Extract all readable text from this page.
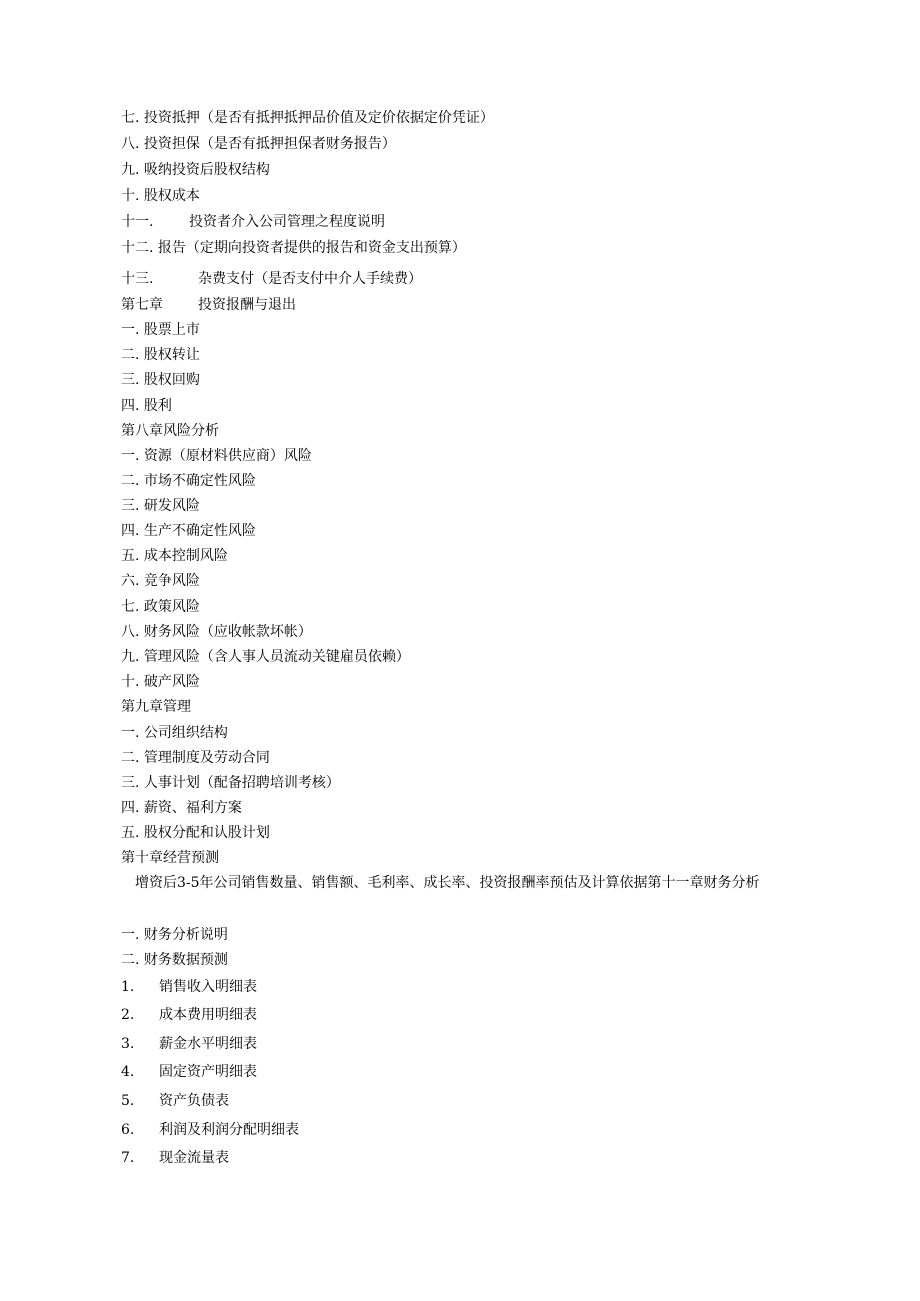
七. 投资抵押（是否有抵押抵押品价值及定价依据定价凭证）
八. 投资担保（是否有抵押担保者财务报告）
九. 吸纳投资后股权结构
十. 股权成本
十一.	投资者介入公司管理之程度说明
十二. 报告（定期向投资者提供的报告和资金支出预算）
十三.	杂费支付（是否支付中介人手续费）
第七章	投资报酬与退出
一. 股票上市
二. 股权转让
三. 股权回购
四. 股利
第八章风险分析
一. 资源（原材料供应商）风险
二. 市场不确定性风险
三. 研发风险
四. 生产不确定性风险
五. 成本控制风险
六. 竞争风险
七. 政策风险
八. 财务风险（应收帐款坏帐）
九. 管理风险（含人事人员流动关键雇员依赖）
十. 破产风险
第九章管理
一. 公司组织结构
二. 管理制度及劳动合同
三. 人事计划（配备招聘培训考核）
四. 薪资、福利方案
五. 股权分配和认股计划
第十章经营预测
增资后3-5年公司销售数量、销售额、毛利率、成长率、投资报酬率预估及计算依据第十一章财务分析
一. 财务分析说明
二. 财务数据预测
1. 销售收入明细表
2. 成本费用明细表
3. 薪金水平明细表
4. 固定资产明细表
5. 资产负债表
6. 利润及利润分配明细表
7. 现金流量表
